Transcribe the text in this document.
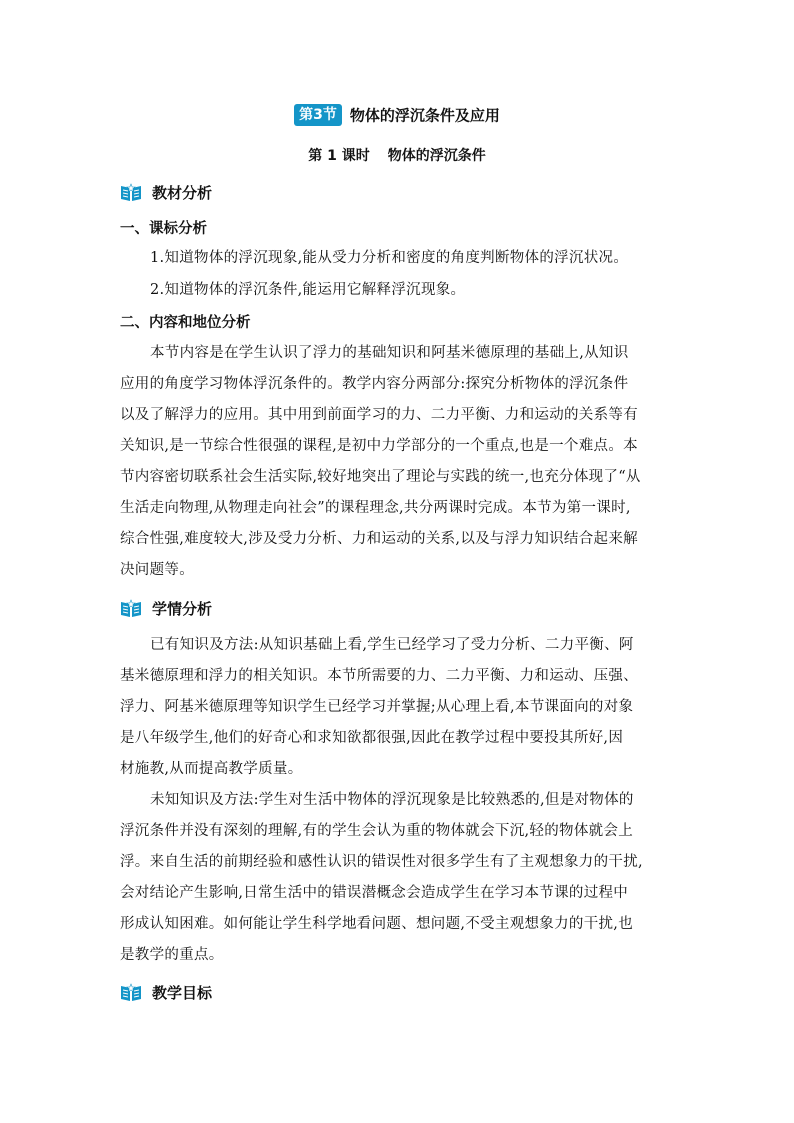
第3节 物体的浮沉条件及应用
第 1 课时 物体的浮沉条件
教材分析
一、课标分析
1.知道物体的浮沉现象,能从受力分析和密度的角度判断物体的浮沉状况。
2.知道物体的浮沉条件,能运用它解释浮沉现象。
二、内容和地位分析
本节内容是在学生认识了浮力的基础知识和阿基米德原理的基础上,从知识
应用的角度学习物体浮沉条件的。教学内容分两部分:探究分析物体的浮沉条件
以及了解浮力的应用。其中用到前面学习的力、二力平衡、力和运动的关系等有
关知识,是一节综合性很强的课程,是初中力学部分的一个重点,也是一个难点。本
节内容密切联系社会生活实际,较好地突出了理论与实践的统一,也充分体现了“从
生活走向物理,从物理走向社会”的课程理念,共分两课时完成。本节为第一课时,
综合性强,难度较大,涉及受力分析、力和运动的关系,以及与浮力知识结合起来解
决问题等。
学情分析
已有知识及方法:从知识基础上看,学生已经学习了受力分析、二力平衡、阿
基米德原理和浮力的相关知识。本节所需要的力、二力平衡、力和运动、压强、
浮力、阿基米德原理等知识学生已经学习并掌握;从心理上看,本节课面向的对象
是八年级学生,他们的好奇心和求知欲都很强,因此在教学过程中要投其所好,因
材施教,从而提高教学质量。
未知知识及方法:学生对生活中物体的浮沉现象是比较熟悉的,但是对物体的
浮沉条件并没有深刻的理解,有的学生会认为重的物体就会下沉,轻的物体就会上
浮。来自生活的前期经验和感性认识的错误性对很多学生有了主观想象力的干扰,
会对结论产生影响,日常生活中的错误潜概念会造成学生在学习本节课的过程中
形成认知困难。如何能让学生科学地看问题、想问题,不受主观想象力的干扰,也
是教学的重点。
教学目标
